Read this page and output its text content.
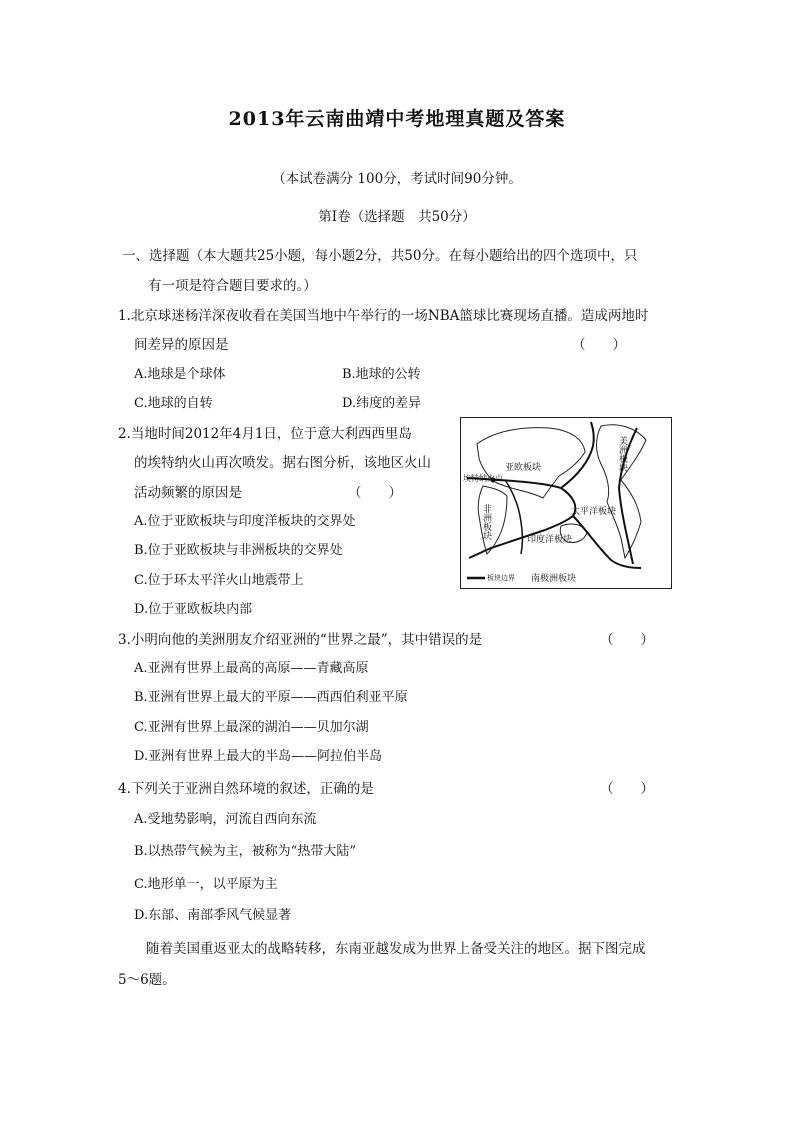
2013年云南曲靖中考地理真题及答案
（本试卷满分 100分，考试时间90分钟。
第Ⅰ卷（选择题　共50分）
一、选择题（本大题共25小题，每小题2分，共50分。在每小题给出的四个选项中，只
有一项是符合题目要求的。）
1.北京球迷杨洋深夜收看在美国当地中午举行的一场NBA篮球比赛现场直播。造成两地时
间差异的原因是	（　　）
A.地球是个球体	B.地球的公转
C.地球的自转	D.纬度的差异
2.当地时间2012年4月1日，位于意大利西西里岛
的埃特纳火山再次喷发。据右图分析，该地区火山
活动频繁的原因是	（　　）
A.位于亚欧板块与印度洋板块的交界处
B.位于亚欧板块与非洲板块的交界处
C.位于环太平洋火山地震带上
D.位于亚欧板块内部
亚欧板块	美洲板块
太平洋板块
非洲板块	印度洋板块
南极洲板块
埃特纳火山
板块边界
3.小明向他的美洲朋友介绍亚洲的“世界之最”，其中错误的是	（　　）
A.亚洲有世界上最高的高原——青藏高原
B.亚洲有世界上最大的平原——西西伯利亚平原
C.亚洲有世界上最深的湖泊——贝加尔湖
D.亚洲有世界上最大的半岛——阿拉伯半岛
4.下列关于亚洲自然环境的叙述，正确的是	（　　）
A.受地势影响，河流自西向东流
B.以热带气候为主，被称为“热带大陆”
C.地形单一，以平原为主
D.东部、南部季风气候显著
随着美国重返亚太的战略转移，东南亚越发成为世界上备受关注的地区。据下图完成
5～6题。
